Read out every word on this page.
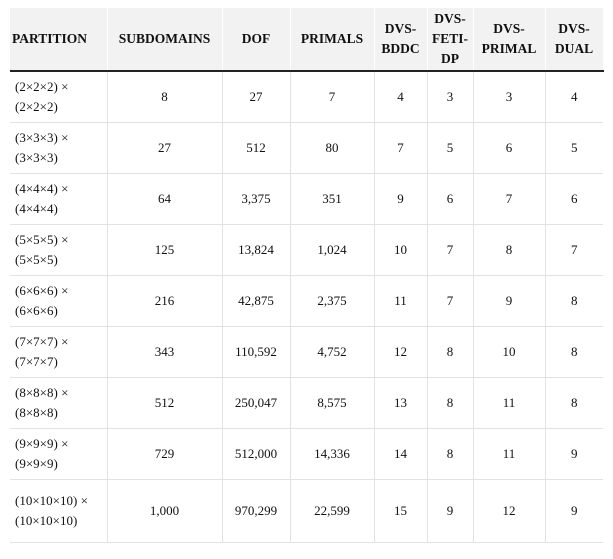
PARTITION	SUBDOMAINS	DOF	PRIMALS	DVS-BDDC	DVS-FETI-DP	DVS-PRIMAL	DVS-DUAL
(2×2×2) × (2×2×2)	8	27	7	4	3	3	4
(3×3×3) × (3×3×3)	27	512	80	7	5	6	5
(4×4×4) × (4×4×4)	64	3,375	351	9	6	7	6
(5×5×5) × (5×5×5)	125	13,824	1,024	10	7	8	7
(6×6×6) × (6×6×6)	216	42,875	2,375	11	7	9	8
(7×7×7) × (7×7×7)	343	110,592	4,752	12	8	10	8
(8×8×8) × (8×8×8)	512	250,047	8,575	13	8	11	8
(9×9×9) × (9×9×9)	729	512,000	14,336	14	8	11	9
(10×10×10) × (10×10×10)	1,000	970,299	22,599	15	9	12	9
